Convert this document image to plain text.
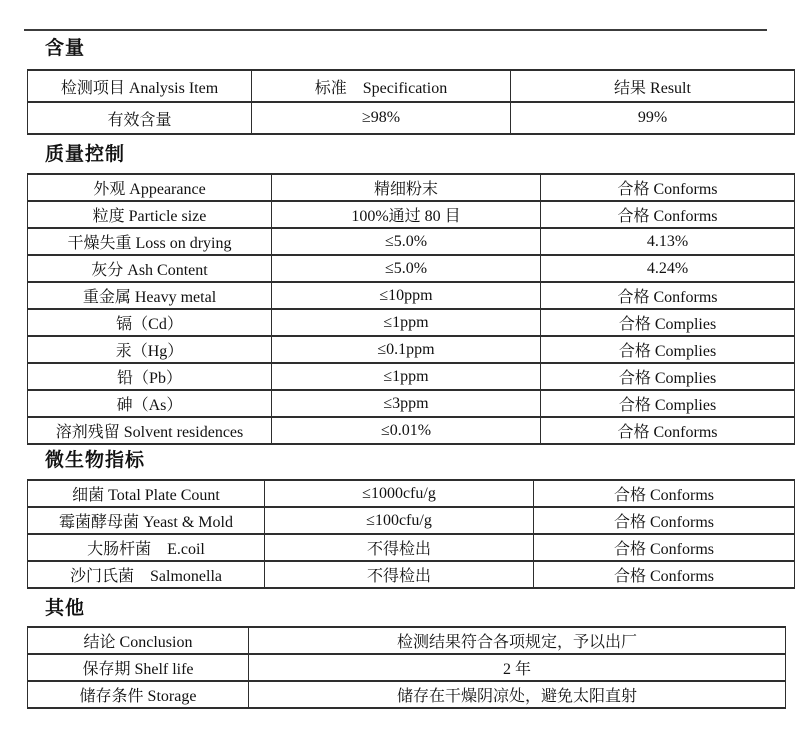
含量
检测项目 Analysis Item	标准　Specification	结果 Result
有效含量	≥98%	99%
质量控制
外观 Appearance	精细粉末	合格 Conforms
粒度 Particle size	100%通过 80 目	合格 Conforms
干燥失重 Loss on drying	≤5.0%	4.13%
灰分 Ash Content	≤5.0%	4.24%
重金属 Heavy metal	≤10ppm	合格 Conforms
镉（Cd）	≤1ppm	合格 Complies
汞（Hg）	≤0.1ppm	合格 Complies
铅（Pb）	≤1ppm	合格 Complies
砷（As）	≤3ppm	合格 Complies
溶剂残留 Solvent residences	≤0.01%	合格 Conforms
微生物指标
细菌 Total Plate Count	≤1000cfu/g	合格 Conforms
霉菌酵母菌 Yeast & Mold	≤100cfu/g	合格 Conforms
大肠杆菌　E.coil	不得检出	合格 Conforms
沙门氏菌　Salmonella	不得检出	合格 Conforms
其他
结论 Conclusion	检测结果符合各项规定，予以出厂
保存期 Shelf life	2 年
储存条件 Storage	储存在干燥阴凉处，避免太阳直射
